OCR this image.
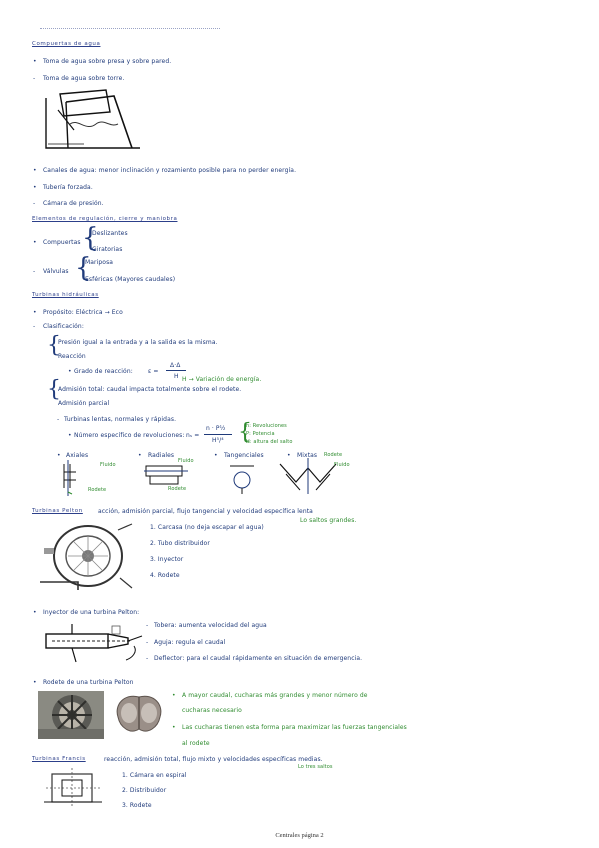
Compuertas de agua
• Toma de agua sobre presa y sobre pared.
- Toma de agua sobre torre.
• Canales de agua: menor inclinación y rozamiento posible para no perder energía.
• Tubería forzada.
- Cámara de presión.
Elementos de regulación, cierre y maniobra
• Compuertas {
Deslizantes
Giratorias
- Válvulas {
Mariposa
Esféricas (Mayores caudales)
Turbinas hidráulicas
• Propósito: Eléctrica → Eco
- Clasificación:
{
Presión igual a la entrada y a la salida es la misma.
Reacción
• Grado de reacción:	ε =
Δ·Δ
H H → Variación de energía.
{
Admisión total: caudal impacta totalmente sobre el rodete.
Admisión parcial
- Turbinas lentas, normales y rápidas.
• Número específico de revoluciones: nₛ =
n · P½
H⁵/⁴ {
n: Revoluciones
P: Potencia
H: altura del salto
• Axiales
Fluido
Rodete
• Radiales
Fluido
Rodete
• Tangenciales	• Mixtas Rodete
Fluido
Turbinas Pelton	acción, admisión parcial, flujo tangencial y velocidad específica lenta
Lo saltos grandes.
1. Carcasa (no deja escapar el agua)
2. Tubo distribuidor
3. Inyector
4. Rodete
• Inyector de una turbina Pelton:
- Tobera: aumenta velocidad del agua
- Aguja: regula el caudal
- Deflector: para el caudal rápidamente en situación de emergencia.
• Rodete de una turbina Pelton
• A mayor caudal, cucharas más grandes y menor número de
cucharas necesario
• Las cucharas tienen esta forma para maximizar las fuerzas tangenciales
al rodete
Turbinas Francis	reacción, admisión total, flujo mixto y velocidades específicas medias.
Lo tres saltos
1. Cámara en espiral
2. Distribuidor
3. Rodete
Centrales página 2
